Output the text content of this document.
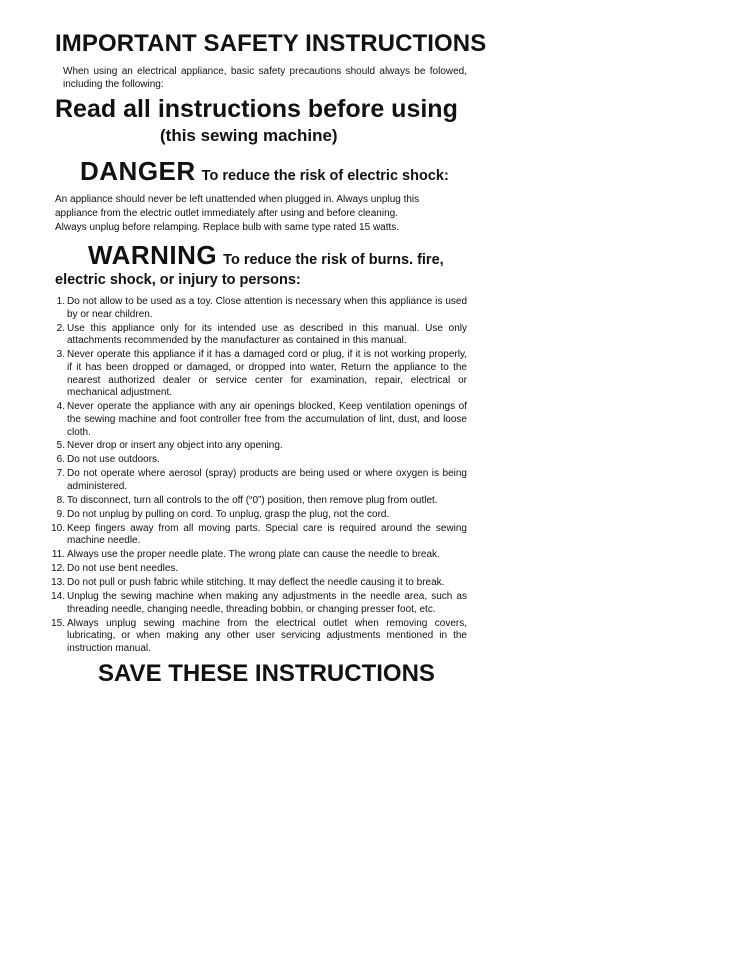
IMPORTANT SAFETY INSTRUCTIONS

When using an electrical appliance, basic safety precautions should always be folowed, including the following:

Read all instructions before using
(this sewing machine)
DANGER To reduce the risk of electric shock:
An appliance should never be left unattended when plugged in. Always unplug this
appliance from the electric outlet immediately after using and before cleaning.
Always unplug before relamping. Replace bulb with same type rated 15 watts.
WARNING To reduce the risk of burns. fire,
electric shock, or injury to persons:
1. Do not allow to be used as a toy. Close attention is necessary when this appliance is used by or near children.
2. Use this appliance only for its intended use as described in this manual. Use only attachments recommended by the manufacturer as contained in this manual.
3. Never operate this appliance if it has a damaged cord or plug, if it is not working properly, if it has been dropped or damaged, or dropped into water, Return the appliance to the nearest authorized dealer or service center for examination, repair, electrical or mechanical adjustment.
4. Never operate the appliance with any air openings blocked, Keep ventilation openings of the sewing machine and foot controller free from the accumulation of lint, dust, and loose cloth.
5. Never drop or insert any object into any opening.
6. Do not use outdoors.
7. Do not operate where aerosol (spray) products are being used or where oxygen is being administered.
8. To disconnect, turn all controls to the off (“0”) position, then remove plug from outlet.
9. Do not unplug by pulling on cord. To unplug, grasp the plug, not the cord.
10. Keep fingers away from all moving parts. Special care is required around the sewing machine needle.
11. Always use the proper needle plate. The wrong plate can cause the needle to break.
12. Do not use bent needles.
13. Do not pull or push fabric while stitching. It may deflect the needle causing it to break.
14. Unplug the sewing machine when making any adjustments in the needle area, such as threading needle, changing needle, threading bobbin, or changing presser foot, etc.
15. Always unplug sewing machine from the electrical outlet when removing covers, lubricating, or when making any other user servicing adjustments mentioned in the instruction manual.
SAVE THESE INSTRUCTIONS
